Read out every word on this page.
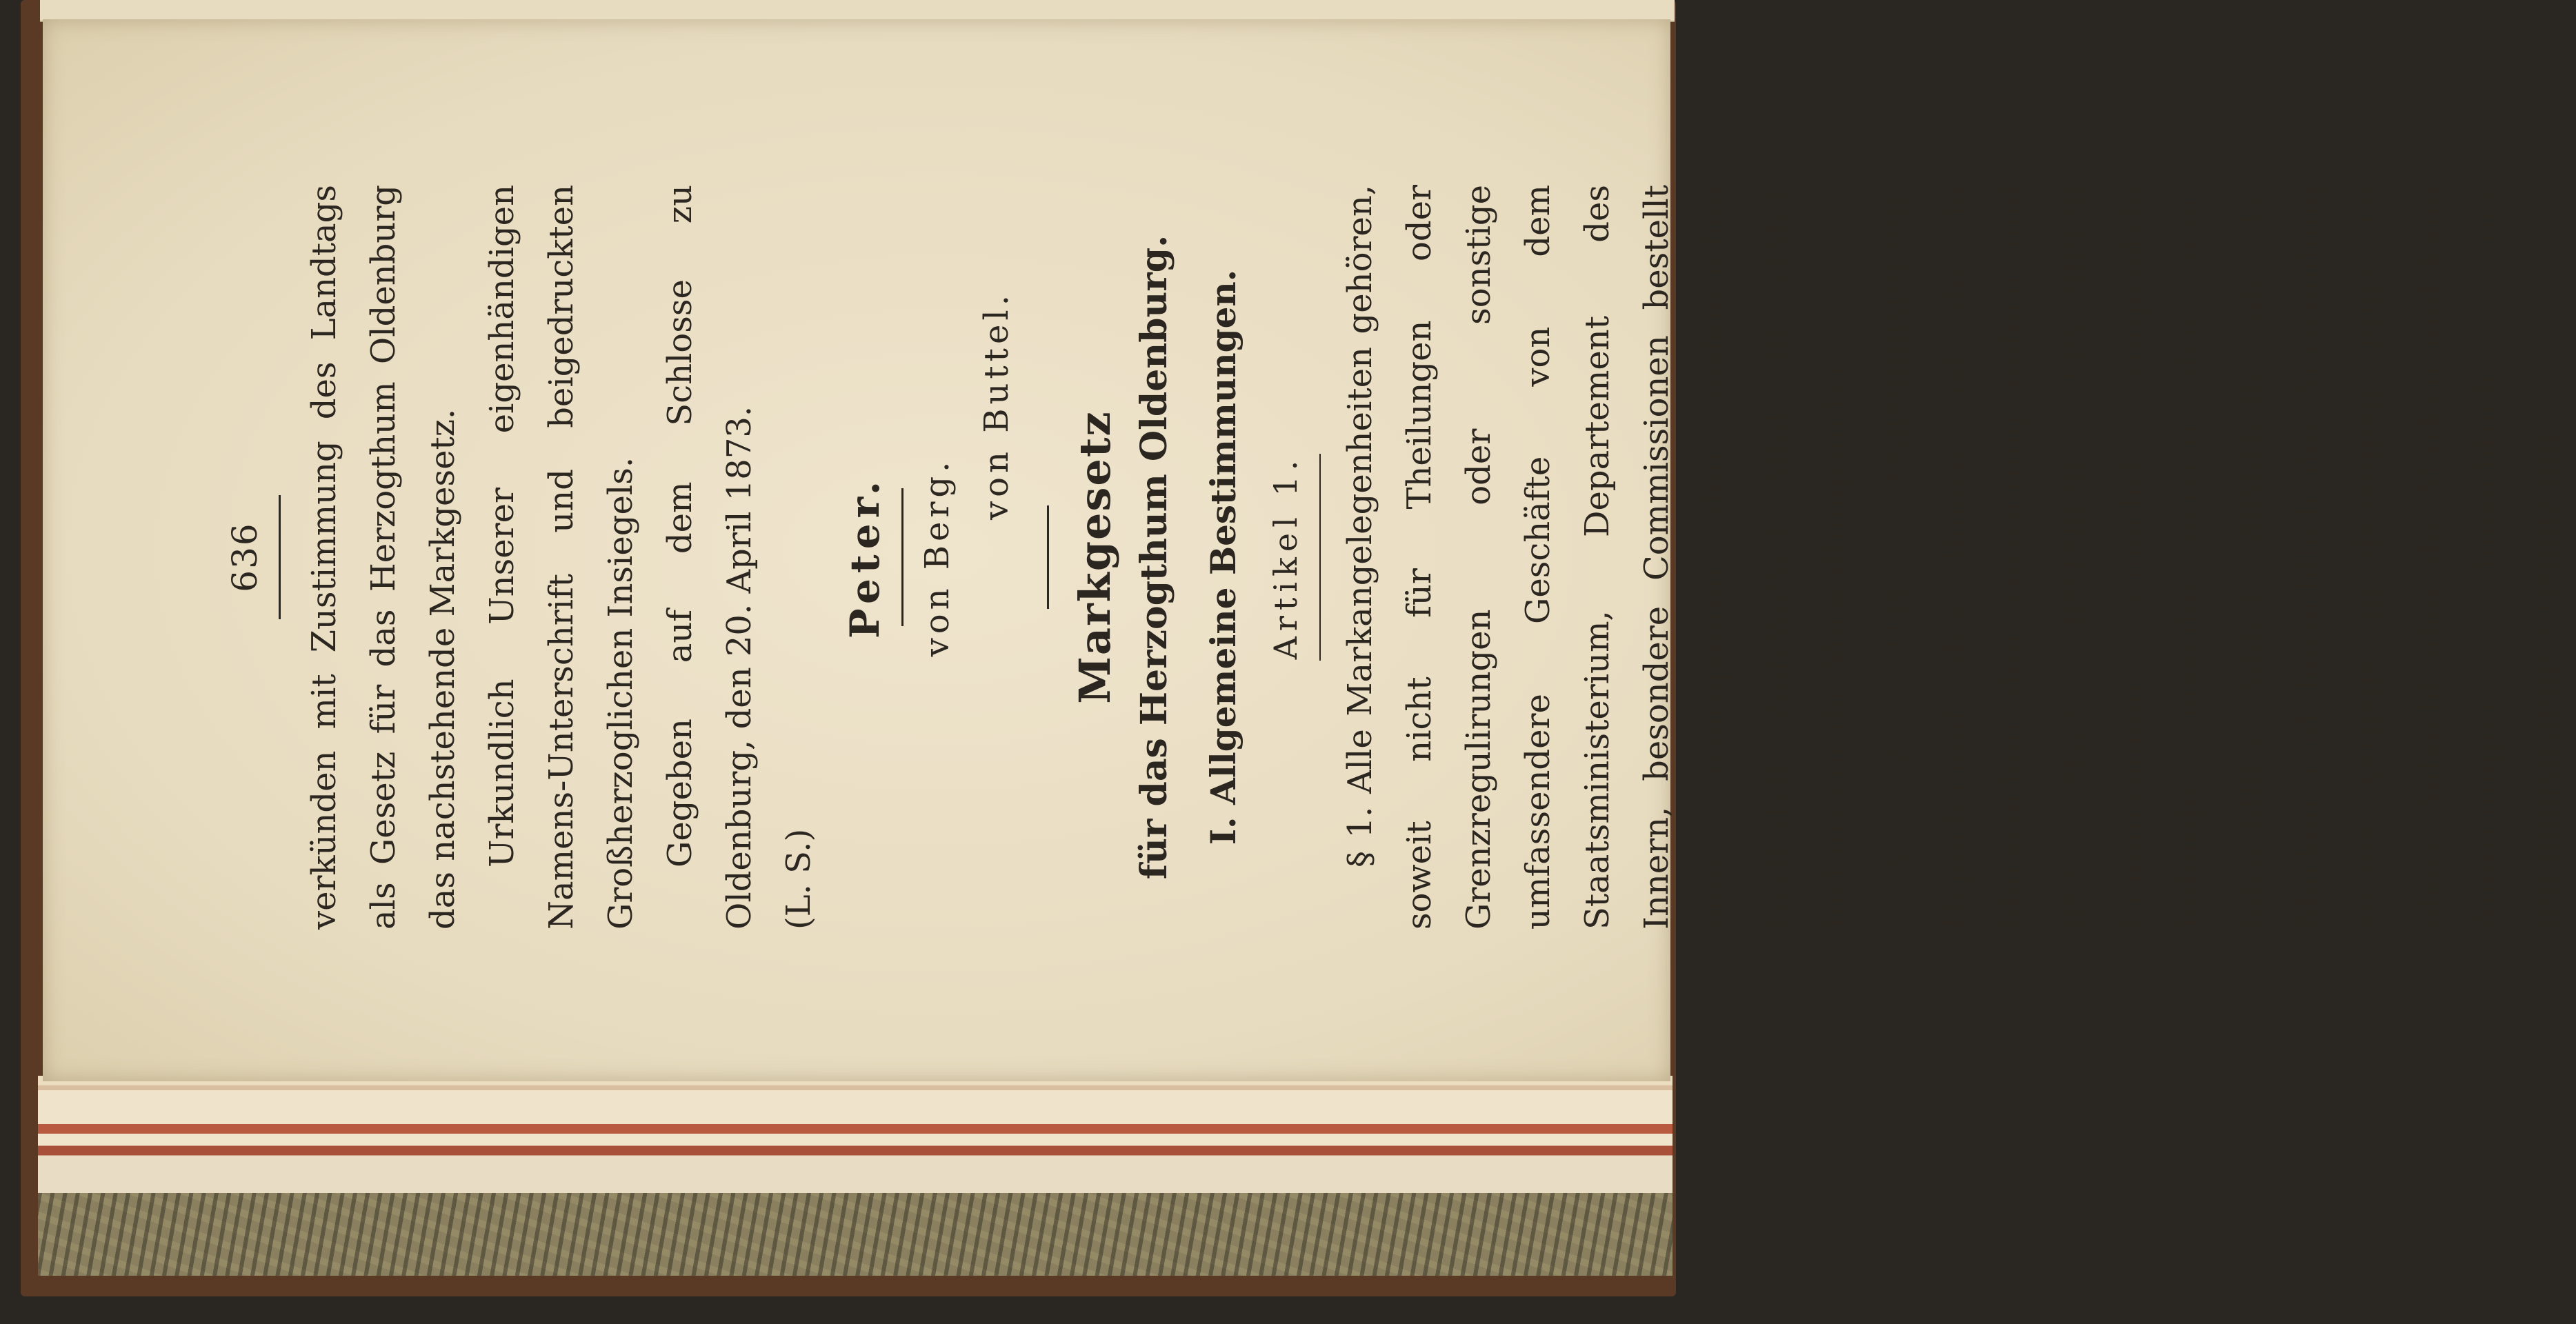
636	verkünden mit Zustimmung des Landtags als Gesetz für das Herzogthum Oldenburg das nachstehende Markgesetz. Urkundlich Unserer eigenhändigen Namens-Unterschrift und beigedruckten Großherzoglichen Insiegels. Gegeben auf dem Schlosse zu Oldenburg, den 20. April 1873. (L. S.)

Peter. von Berg.
von Buttel.
Markgesetz für das Herzogthum Oldenburg. I. Allgemeine Bestimmungen. Artikel 1.	§ 1. Alle Markangelegenheiten gehören, soweit nicht für Theilungen oder Grenzregulirungen oder sonstige umfassendere Geschäfte von dem Staatsministerium, Departement des Innern, besondere Commissionen bestellt oder Streitigkeiten den ordentlichen Gerichten zugewiesen sind, in erster Instanz vor die Verwaltungsämter. § 2. Das Staatsministerium, Departement des Innern, ist die in Marksachen den Verwaltungsämtern und den etwa bestellten besonderen Commissionen zunächst vorgesetzte Behörde. Dasselbe vertritt den Staat hinsichtlich seiner Ansprüche an die Marken und hinsichtlich der Verwendung seines Antheils an denselben, führt die obere Aufsicht über die Marken und kann Anordnungen hinsichtlich der ordnungsmäßigen Benutzung
